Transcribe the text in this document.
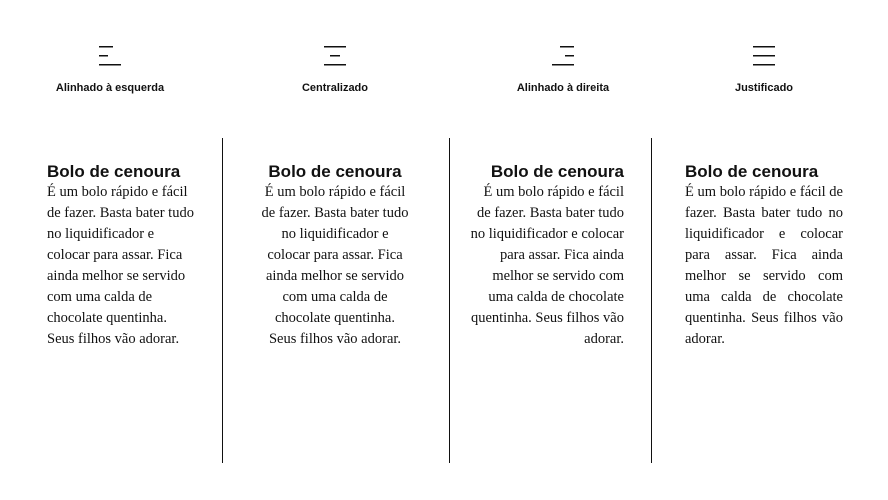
Alinhado à esquerda	Centralizado	Alinhado à direita	Justificado
Bolo de cenoura

É um bolo rápido e fácil de fazer. Basta bater tudo no liquidificador e colocar para assar. Fica ainda melhor se servido com uma calda de chocolate quentinha. Seus filhos vão adorar.

Bolo de cenoura

É um bolo rápido e fácil de fazer. Basta bater tudo no liquidificador e colocar para assar. Fica ainda melhor se servido com uma calda de chocolate quentinha. Seus filhos vão adorar.

Bolo de cenoura

É um bolo rápido e fácil de fazer. Basta bater tudo no liquidificador e colocar para assar. Fica ainda melhor se servido com uma calda de chocolate quentinha. Seus filhos vão adorar.

Bolo de cenoura

É um bolo rápido e fácil de fazer. Basta bater tudo no liquidificador e colocar para assar. Fica ainda melhor se servido com uma calda de chocolate quentinha. Seus filhos vão adorar.
